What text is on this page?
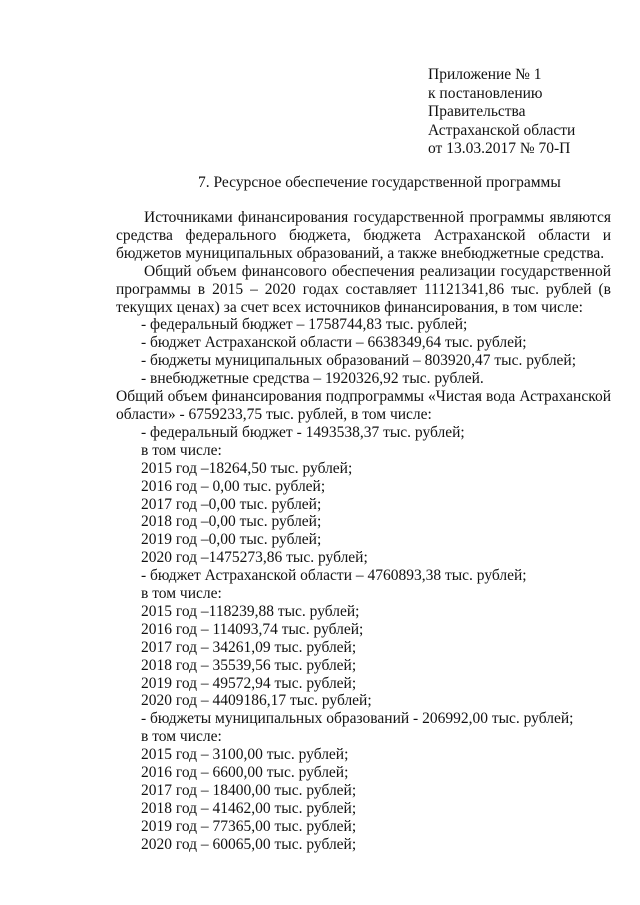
Приложение № 1
к постановлению
Правительства
Астраханской области
от 13.03.2017 № 70-П
7. Ресурсное обеспечение государственной программы
Источниками финансирования государственной программы являются средства федерального бюджета, бюджета Астраханской области и бюджетов муниципальных образований, а также внебюджетные средства.
Общий объем финансового обеспечения реализации государственной программы в 2015 – 2020 годах составляет 11121341,86 тыс. рублей (в текущих ценах) за счет всех источников финансирования, в том числе:
- федеральный бюджет – 1758744,83 тыс. рублей;
- бюджет Астраханской области – 6638349,64 тыс. рублей;
- бюджеты муниципальных образований – 803920,47 тыс. рублей;
- внебюджетные средства – 1920326,92 тыс. рублей.
Общий объем финансирования подпрограммы «Чистая вода Астраханской области» - 6759233,75 тыс. рублей, в том числе:
- федеральный бюджет - 1493538,37 тыс. рублей;
в том числе:
2015 год –18264,50 тыс. рублей;
2016 год – 0,00 тыс. рублей;
2017 год –0,00 тыс. рублей;
2018 год –0,00 тыс. рублей;
2019 год –0,00 тыс. рублей;
2020 год –1475273,86 тыс. рублей;
- бюджет Астраханской области – 4760893,38 тыс. рублей;
в том числе:
2015 год –118239,88 тыс. рублей;
2016 год – 114093,74 тыс. рублей;
2017 год – 34261,09 тыс. рублей;
2018 год – 35539,56 тыс. рублей;
2019 год – 49572,94 тыс. рублей;
2020 год – 4409186,17 тыс. рублей;
- бюджеты муниципальных образований - 206992,00 тыс. рублей;
в том числе:
2015 год – 3100,00 тыс. рублей;
2016 год – 6600,00 тыс. рублей;
2017 год – 18400,00 тыс. рублей;
2018 год – 41462,00 тыс. рублей;
2019 год – 77365,00 тыс. рублей;
2020 год – 60065,00 тыс. рублей;
